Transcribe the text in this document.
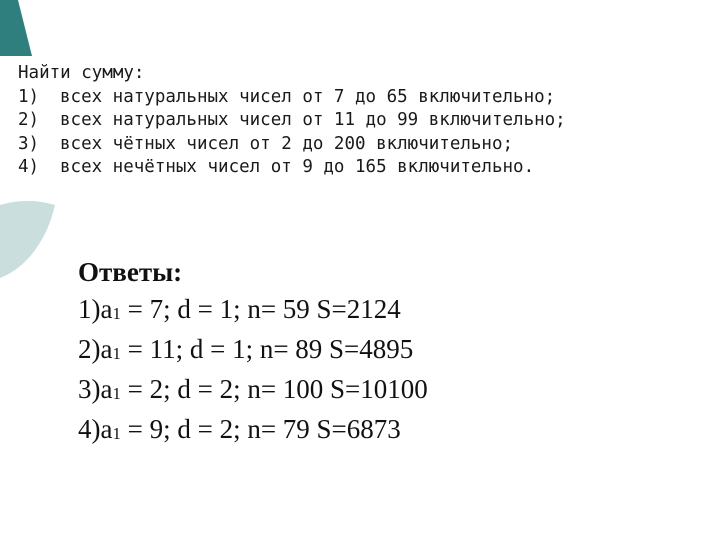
Найти сумму:
1) всех натуральных чисел от 7 до 65 включительно;
2) всех натуральных чисел от 11 до 99 включительно;
3) всех чётных чисел от 2 до 200 включительно;
4) всех нечётных чисел от 9 до 165 включительно.
Ответы:
1)a1 = 7; d = 1; n= 59 S=2124
2)a1 = 11; d = 1; n= 89 S=4895
3)a1 = 2; d = 2; n= 100 S=10100
4)a1 = 9; d = 2; n= 79 S=6873
